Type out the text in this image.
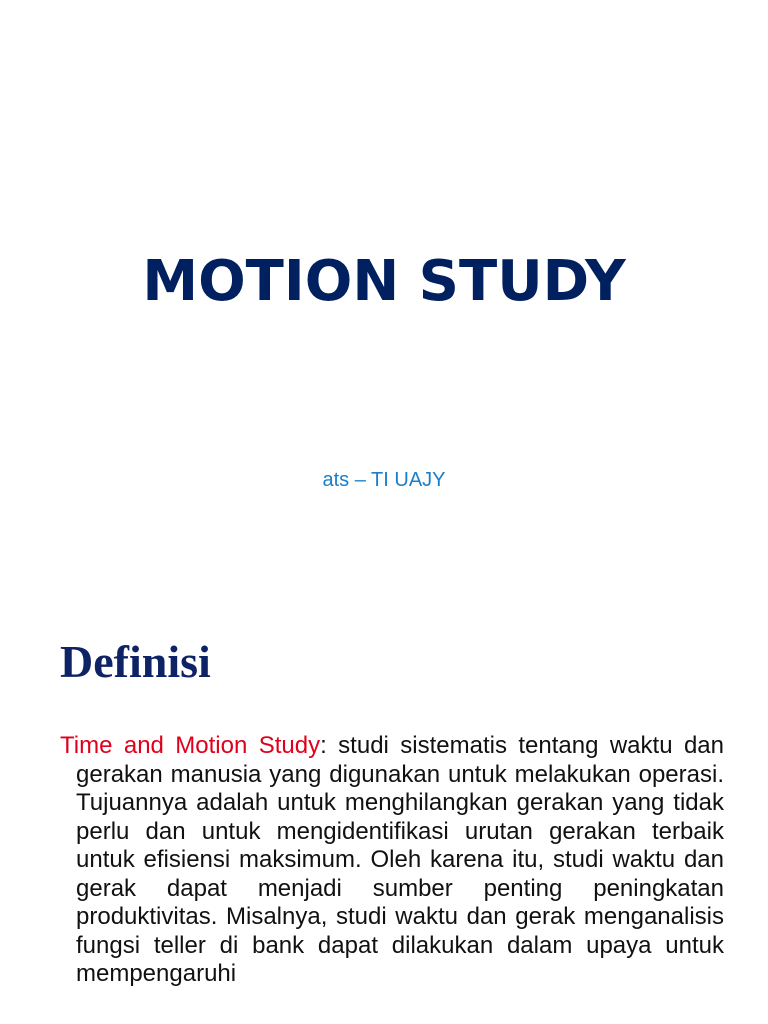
MOTION STUDY
ats – TI UAJY
Definisi
Time and Motion Study: studi sistematis tentang waktu dan gerakan manusia yang digunakan untuk melakukan operasi. Tujuannya adalah untuk menghilangkan gerakan yang tidak perlu dan untuk mengidentifikasi urutan gerakan terbaik untuk efisiensi maksimum. Oleh karena itu, studi waktu dan gerak dapat menjadi sumber penting peningkatan produktivitas. Misalnya, studi waktu dan gerak menganalisis fungsi teller di bank dapat dilakukan dalam upaya untuk mempengaruhi
